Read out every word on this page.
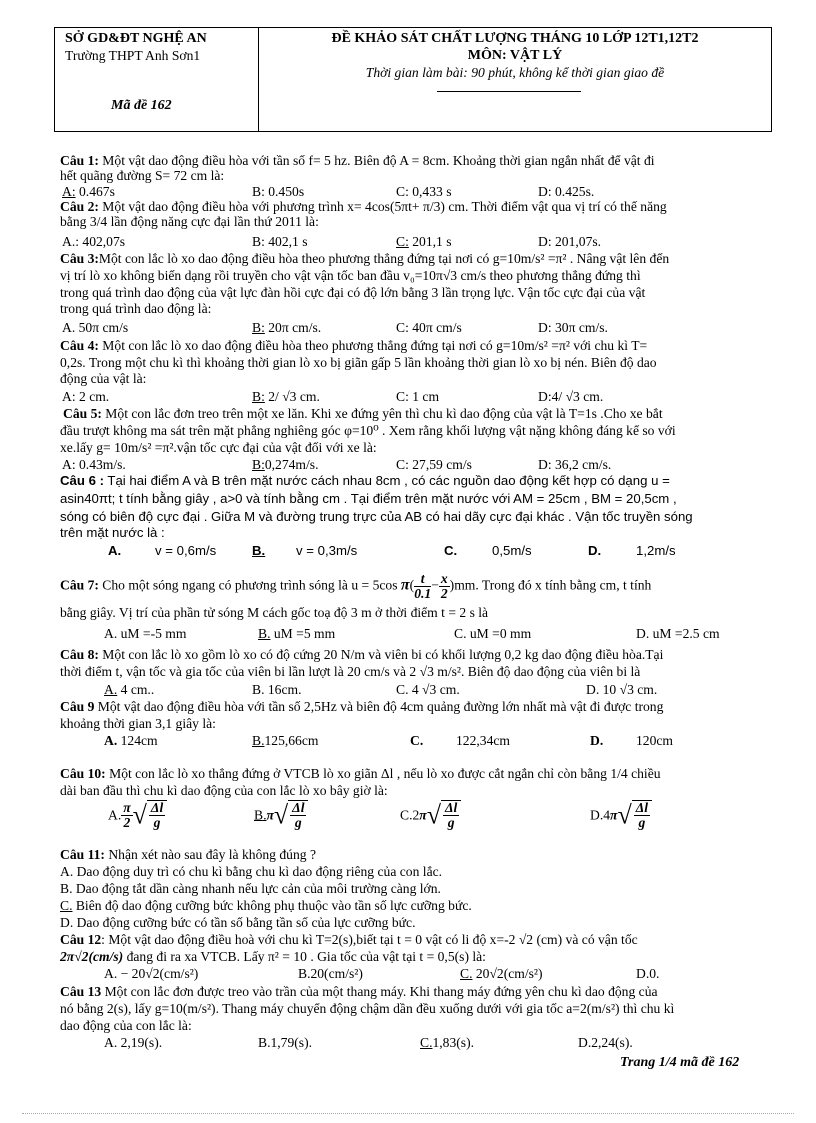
SỞ GD&ĐT NGHỆ AN
Trường THPT Anh Sơn1
Mã đề 162
ĐỀ KHẢO SÁT CHẤT LƯỢNG THÁNG 10 LỚP 12T1,12T2
MÔN: VẬT LÝ
Thời gian làm bài: 90 phút, không kể thời gian giao đề
Câu 1: Một vật dao động điều hòa với tần số f= 5 hz. Biên độ A = 8cm. Khoảng thời gian ngắn nhất để vật đi
hết quãng đường S= 72 cm là:
A: 0.467s	B: 0.450s	C: 0,433 s	D: 0.425s.
Câu 2: Một vật dao động điều hòa với phương trình x= 4cos(5πt+ π/3) cm. Thời điểm vật qua vị trí có thế năng
bằng 3/4 lần động năng cực đại lần thứ 2011 là:
A.: 402,07s	B: 402,1 s	C: 201,1 s	D: 201,07s.
Câu 3:Một con lắc lò xo dao động điều hòa theo phương thẳng đứng tại nơi có g=10m/s² =π² . Nâng vật lên đến
vị trí lò xo không biến dạng rồi truyền cho vật vận tốc ban đầu v₀=10π√3 cm/s theo phương thẳng đứng thì
trong quá trình dao động của vật lực đàn hồi cực đại có độ lớn bằng 3 lần trọng lực. Vận tốc cực đại của vật
trong quá trình dao động là:
A. 50π cm/s	B: 20π cm/s.	C: 40π cm/s	D: 30π cm/s.
Câu 4: Một con lắc lò xo dao động điều hòa theo phương thẳng đứng tại nơi có g=10m/s² =π² với chu kì T=
0,2s. Trong một chu kì thì khoảng thời gian lò xo bị giãn gấp 5 lần khoảng thời gian lò xo bị nén. Biên độ dao
động của vật là:
A: 2 cm.	B: 2/ √3 cm.	C: 1 cm	D:4/ √3 cm.
Câu 5: Một con lắc đơn treo trên một xe lăn. Khi xe đứng yên thì chu kì dao động của vật là T=1s .Cho xe bắt
đầu trượt không ma sát trên mặt phẳng nghiêng góc φ=10⁰ . Xem rằng khối lượng vật nặng không đáng kể so với
xe.lấy g= 10m/s² =π².vận tốc cực đại của vật đối với xe là:
A: 0.43m/s.	B:0,274m/s.	C: 27,59 cm/s	D: 36,2 cm/s.
Câu 6 : Tại hai điểm A và B trên mặt nước cách nhau 8cm , có các nguồn dao động kết hợp có dạng u =
asin40πt; t tính bằng giây , a>0 và tính bằng cm . Tại điểm trên mặt nước với AM = 25cm , BM = 20,5cm ,
sóng có biên độ cực đại . Giữa M và đường trung trực của AB có hai dãy cực đại khác . Vận tốc truyền sóng
trên mặt nước là :
A.	v = 0,6m/s	B. v = 0,3m/s	C.	0,5m/s	D.	1,2m/s
Câu 7: Cho một sóng ngang có phương trình sóng là u = 5cos $\pi( \frac{t}{0.1} - \frac{x}{2} )mm$. Trong đó x tính bằng cm, t tính
bằng giây. Vị trí của phần tử sóng M cách gốc toạ độ 3 m ở thời điểm t = 2 s là
A. uM =-5 mm	B. uM =5 mm	C. uM =0 mm	D. uM =2.5 cm
Câu 8: Một con lắc lò xo gồm lò xo có độ cứng 20 N/m và viên bi có khối lượng 0,2 kg dao động điều hòa.Tại
thời điểm t, vận tốc và gia tốc của viên bi lần lượt là 20 cm/s và 2 √3 m/s². Biên độ dao động của viên bi là
A. 4 cm..	B. 16cm.	C. 4 √3 cm.	D. 10 √3 cm.
Câu 9 Một vật dao động điều hòa với tần số 2,5Hz và biên độ 4cm quảng đường lớn nhất mà vật đi được trong
khoảng thời gian 3,1 giây là:
A. 124cm	B.125,66cm	C. 122,34cm	D. 120cm
Câu 10: Một con lắc lò xo thẳng đứng ở VTCB lò xo giãn Δl , nếu lò xo được cắt ngắn chỉ còn bằng 1/4 chiều
dài ban đầu thì chu kì dao động của con lắc lò xo bây giờ là:
A. $\frac{\pi}{2}$ √ $\frac{\Delta l}{g}$	$B.\pi√ \frac{\Delta l}{g}$	$C.2\pi√ \frac{\Delta l}{g}$	$D.4\pi√ \frac{\Delta l}{g}$
Câu 11: Nhận xét nào sau đây là không đúng ?
A. Dao động duy trì có chu kì bằng chu kì dao động riêng của con lắc.
B. Dao động tắt dần càng nhanh nếu lực cản của môi trường càng lớn.
C. Biên độ dao động cưỡng bức không phụ thuộc vào tần số lực cưỡng bức.
D. Dao động cưỡng bức có tần số bằng tần số của lực cưỡng bức.
Câu 12: Một vật dao động điều hoà với chu kì T=2(s),biết tại t = 0 vật có li độ x=-2 √2 (cm) và có vận tốc
2π√2(cm/s) đang đi ra xa VTCB. Lấy π² = 10 . Gia tốc của vật tại t = 0,5(s) là:
A. − 20√2(cm/s²)	B.20(cm/s²)	C. 20√2(cm/s²)	D.0.
Câu 13 Một con lắc đơn được treo vào trần của một thang máy. Khi thang máy đứng yên chu kì dao động của
nó bằng 2(s), lấy g=10(m/s²). Thang máy chuyển động chậm dần đều xuống dưới với gia tốc a=2(m/s²) thì chu kì
dao động của con lắc là:
A. 2,19(s).	B.1,79(s).	C.1,83(s).	D.2,24(s).
Trang 1/4 mã đề 162
